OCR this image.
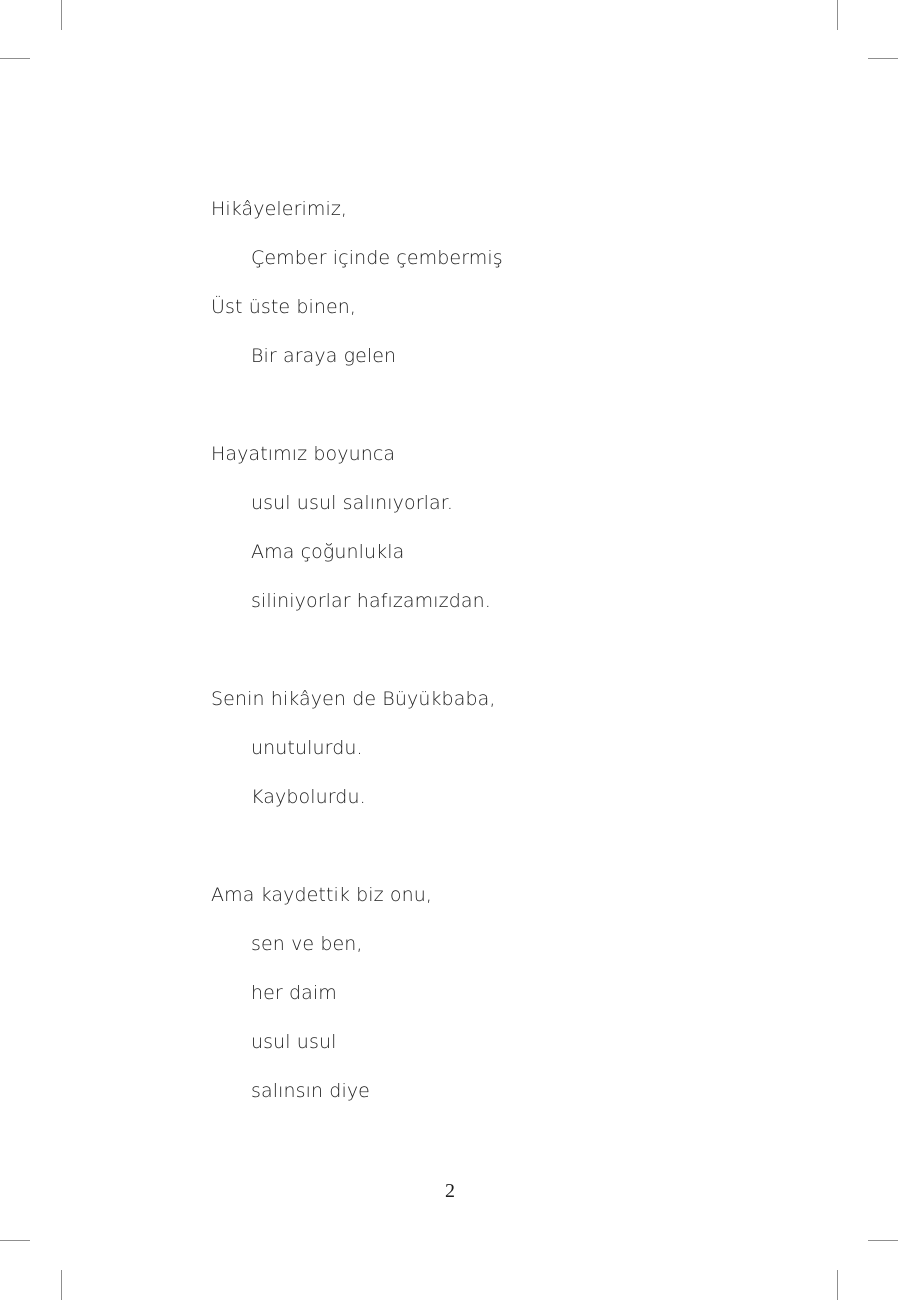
Hikâyelerimiz,
Çember içinde çembermiş
Üst üste binen,
Bir araya gelen
Hayatımız boyunca
usul usul salınıyorlar.
Ama çoğunlukla
siliniyorlar hafızamızdan.
Senin hikâyen de Büyükbaba,
unutulurdu.
Kaybolurdu.
Ama kaydettik biz onu,
sen ve ben,
her daim
usul usul
salınsın diye
2
